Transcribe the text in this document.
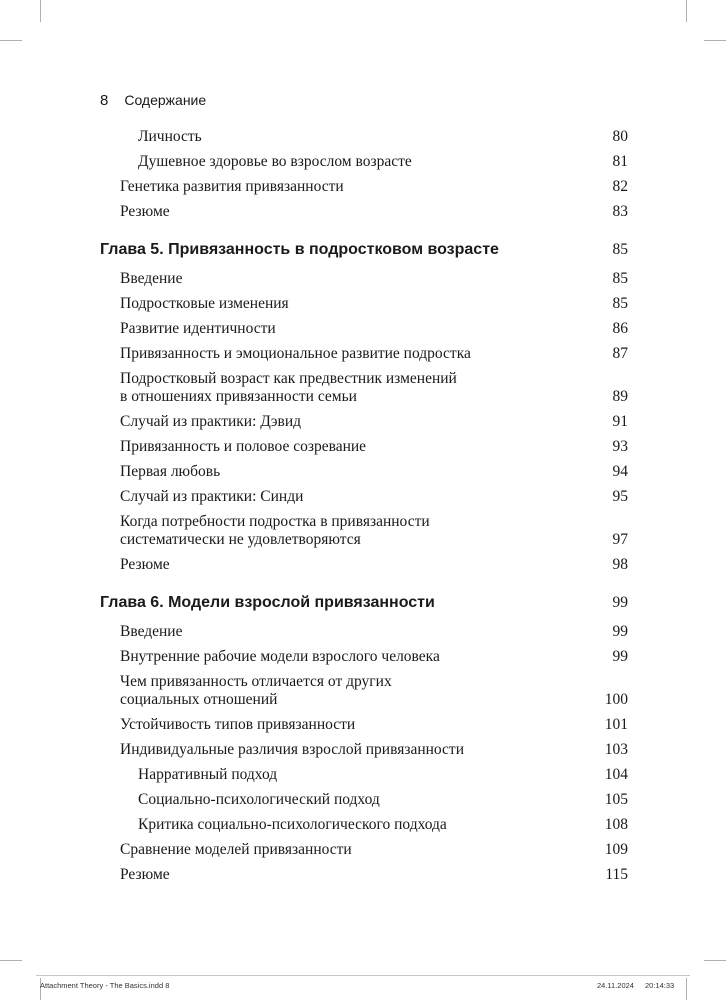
8 Содержание
Личность	80
Душевное здоровье во взрослом возрасте	81
Генетика развития привязанности	82
Резюме	83
Глава 5. Привязанность в подростковом возрасте	85
Введение	85
Подростковые изменения	85
Развитие идентичности	86
Привязанность и эмоциональное развитие подростка	87
Подростковый возраст как предвестник изменений
в отношениях привязанности семьи	89
Случай из практики: Дэвид	91
Привязанность и половое созревание	93
Первая любовь	94
Случай из практики: Синди	95
Когда потребности подростка в привязанности
систематически не удовлетворяются	97
Резюме	98
Глава 6. Модели взрослой привязанности	99
Введение	99
Внутренние рабочие модели взрослого человека	99
Чем привязанность отличается от других
социальных отношений	100
Устойчивость типов привязанности	101
Индивидуальные различия взрослой привязанности	103
Нарративный подход	104
Социально-психологический подход	105
Критика социально-психологического подхода	108
Сравнение моделей привязанности	109
Резюме	115
Attachment Theory - The Basics.indd 8	24.11.2024 20:14:33
